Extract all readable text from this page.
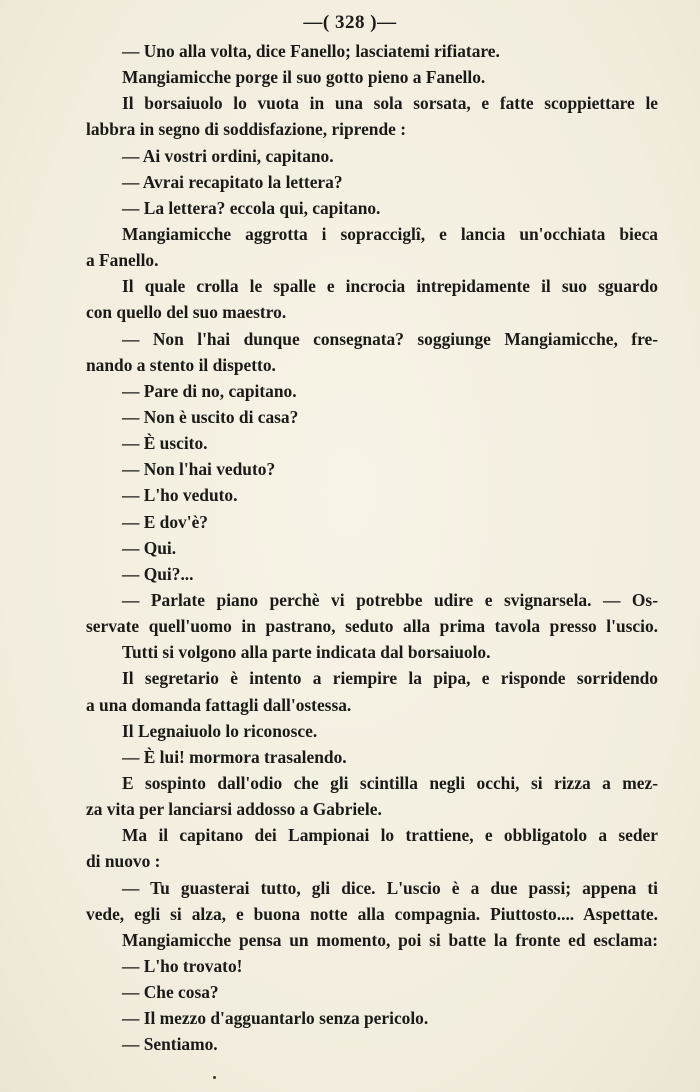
—( 328 )—
— Uno alla volta, dice Fanello; lasciatemi rifiatare.
Mangiamicche porge il suo gotto pieno a Fanello.
Il borsaiuolo lo vuota in una sola sorsata, e fatte scoppiettare le
labbra in segno di soddisfazione, riprende :
— Ai vostri ordini, capitano.
— Avrai recapitato la lettera?
— La lettera? eccola qui, capitano.
Mangiamicche aggrotta i sopracciglî, e lancia un'occhiata bieca
a Fanello.
Il quale crolla le spalle e incrocia intrepidamente il suo sguardo
con quello del suo maestro.
— Non l'hai dunque consegnata? soggiunge Mangiamicche, fre-
nando a stento il dispetto.
— Pare di no, capitano.
— Non è uscito di casa?
— È uscito.
— Non l'hai veduto?
— L'ho veduto.
— E dov'è?
— Qui.
— Qui?...
— Parlate piano perchè vi potrebbe udire e svignarsela. — Os-
servate quell'uomo in pastrano, seduto alla prima tavola presso l'uscio.
Tutti si volgono alla parte indicata dal borsaiuolo.
Il segretario è intento a riempire la pipa, e risponde sorridendo
a una domanda fattagli dall'ostessa.
Il Legnaiuolo lo riconosce.
— È lui! mormora trasalendo.
E sospinto dall'odio che gli scintilla negli occhi, si rizza a mez-
za vita per lanciarsi addosso a Gabriele.
Ma il capitano dei Lampionai lo trattiene, e obbligatolo a seder
di nuovo :
— Tu guasterai tutto, gli dice. L'uscio è a due passi; appena ti
vede, egli si alza, e buona notte alla compagnia. Piuttosto.... Aspettate.
Mangiamicche pensa un momento, poi si batte la fronte ed esclama:
— L'ho trovato!
— Che cosa?
— Il mezzo d'agguantarlo senza pericolo.
— Sentiamo.
